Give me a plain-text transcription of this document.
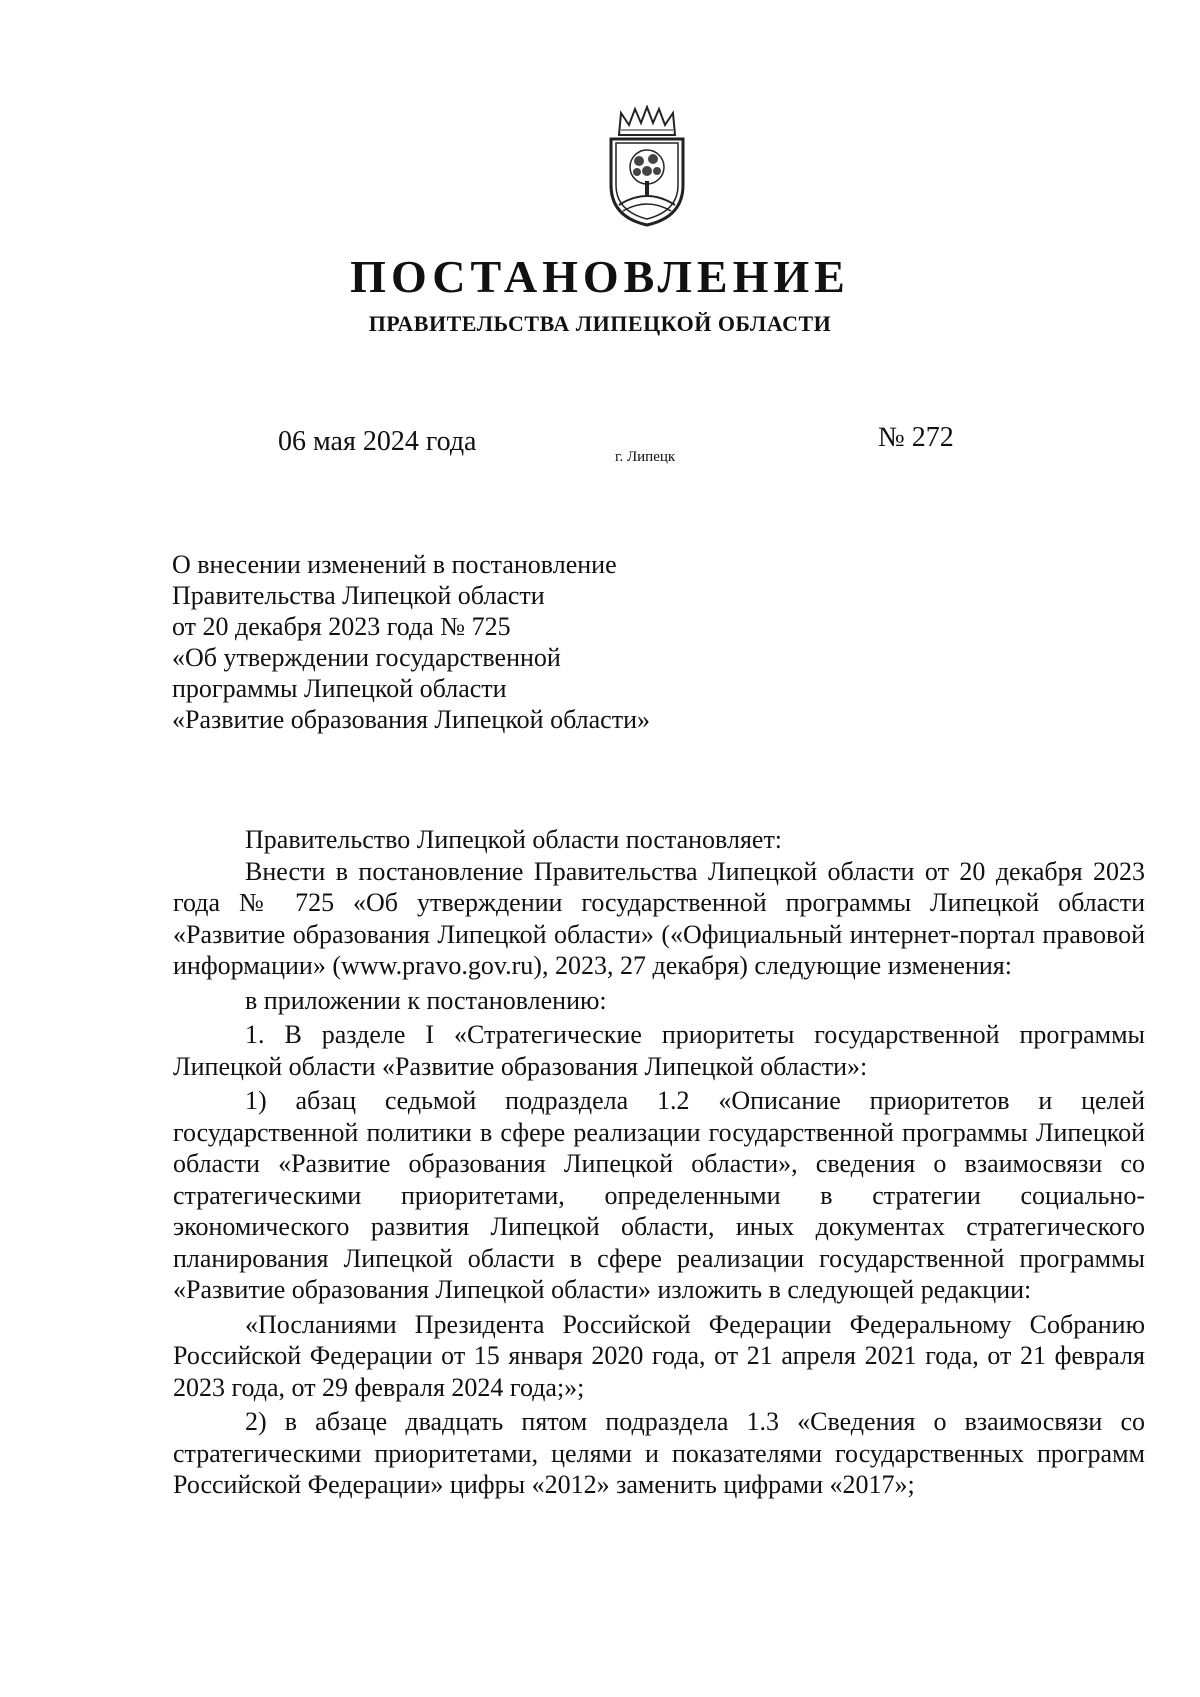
ПОСТАНОВЛЕНИЕ
ПРАВИТЕЛЬСТВА ЛИПЕЦКОЙ ОБЛАСТИ
06 мая 2024 года	г. Липецк
№ 272
О внесении изменений в постановление
Правительства Липецкой области
от 20 декабря 2023 года № 725
«Об утверждении государственной
программы Липецкой области
«Развитие образования Липецкой области»

Правительство Липецкой области постановляет:

Внести в постановление Правительства Липецкой области от 20 декабря 2023 года № 725 «Об утверждении государственной программы Липецкой области «Развитие образования Липецкой области» («Официальный интернет-портал правовой информации» (www.pravo.gov.ru), 2023, 27 декабря) следующие изменения:

в приложении к постановлению:

1. В разделе I «Стратегические приоритеты государственной программы Липецкой области «Развитие образования Липецкой области»:

1) абзац седьмой подраздела 1.2 «Описание приоритетов и целей государственной политики в сфере реализации государственной программы Липецкой области «Развитие образования Липецкой области», сведения о взаимосвязи со стратегическими приоритетами, определенными в стратегии социально-экономического развития Липецкой области, иных документах стратегического планирования Липецкой области в сфере реализации государственной программы «Развитие образования Липецкой области» изложить в следующей редакции:

«Посланиями Президента Российской Федерации Федеральному Собранию Российской Федерации от 15 января 2020 года, от 21 апреля 2021 года, от 21 февраля 2023 года, от 29 февраля 2024 года;»;

2) в абзаце двадцать пятом подраздела 1.3 «Сведения о взаимосвязи со стратегическими приоритетами, целями и показателями государственных программ Российской Федерации» цифры «2012» заменить цифрами «2017»;
